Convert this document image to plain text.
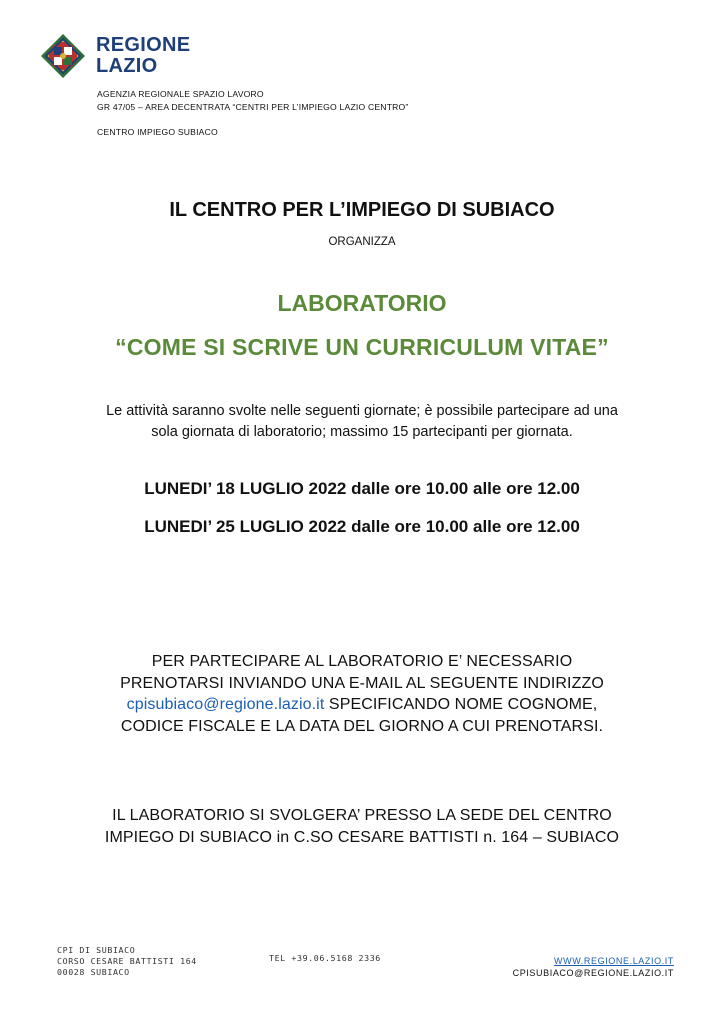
REGIONE
LAZIO
AGENZIA REGIONALE SPAZIO LAVORO
GR 47/05 – AREA DECENTRATA “CENTRI PER L’IMPIEGO LAZIO CENTRO”
CENTRO IMPIEGO SUBIACO
IL CENTRO PER L’IMPIEGO DI SUBIACO
ORGANIZZA
LABORATORIO
“COME SI SCRIVE UN CURRICULUM VITAE”
Le attività saranno svolte nelle seguenti giornate; è possibile partecipare ad una
sola giornata di laboratorio; massimo 15 partecipanti per giornata.
LUNEDI’ 18 LUGLIO 2022 dalle ore 10.00 alle ore 12.00
LUNEDI’ 25 LUGLIO 2022 dalle ore 10.00 alle ore 12.00
PER PARTECIPARE AL LABORATORIO E’ NECESSARIO
PRENOTARSI INVIANDO UNA E-MAIL AL SEGUENTE INDIRIZZO
cpisubiaco@regione.lazio.it SPECIFICANDO NOME COGNOME,
CODICE FISCALE E LA DATA DEL GIORNO A CUI PRENOTARSI.
IL LABORATORIO SI SVOLGERA’ PRESSO LA SEDE DEL CENTRO
IMPIEGO DI SUBIACO in C.SO CESARE BATTISTI n. 164 – SUBIACO
CPI DI SUBIACO
CORSO CESARE BATTISTI 164
00028 SUBIACO
TEL +39.06.5168 2336	WWW.REGIONE.LAZIO.IT
CPISUBIACO@REGIONE.LAZIO.IT
